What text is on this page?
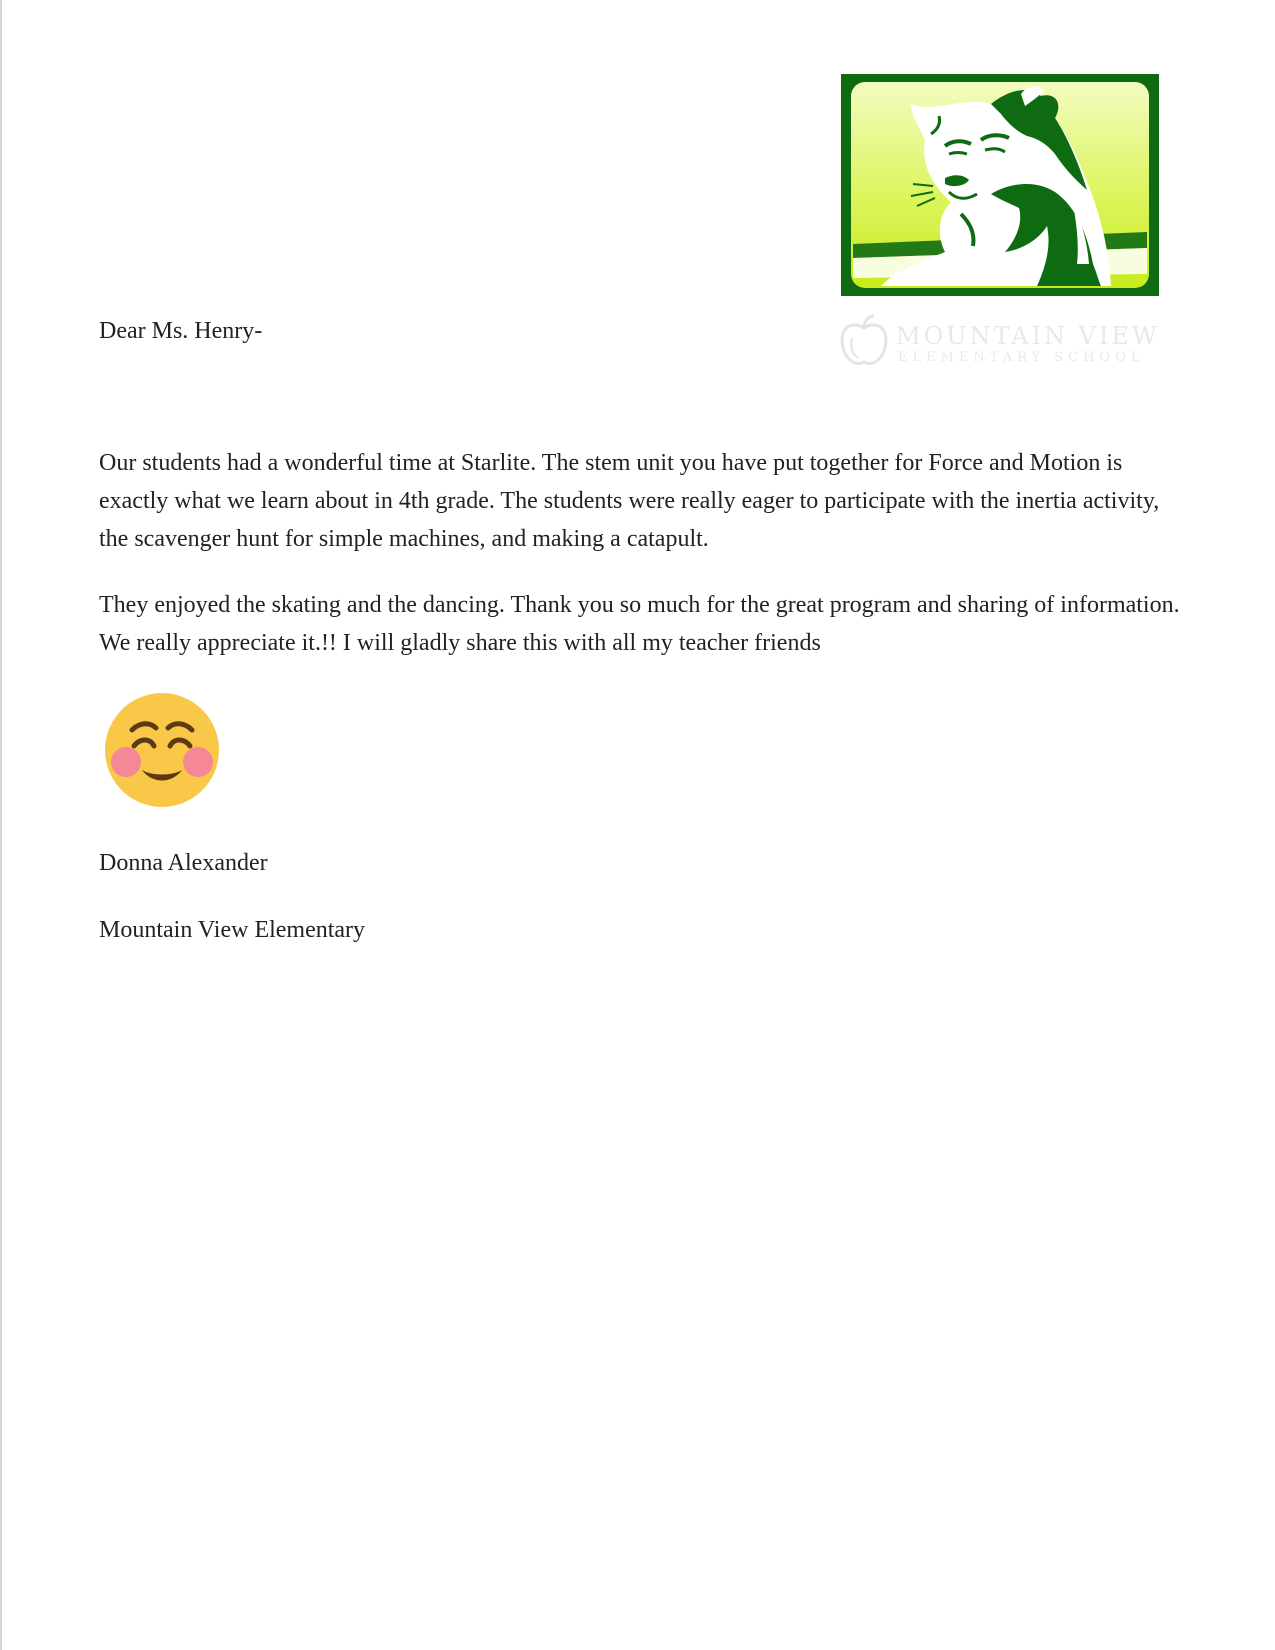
MOUNTAIN VIEW
ELEMENTARY SCHOOL

Dear Ms. Henry-

Our students had a wonderful time at Starlite. The stem unit you have put together for Force and Motion is exactly what we learn about in 4th grade. The students were really eager to participate with the inertia activity, the scavenger hunt for simple machines, and making a catapult.

They enjoyed the skating and the dancing. Thank you so much for the great program and sharing of information. We really appreciate it.!! I will gladly share this with all my teacher friends

Donna Alexander

Mountain View Elementary
